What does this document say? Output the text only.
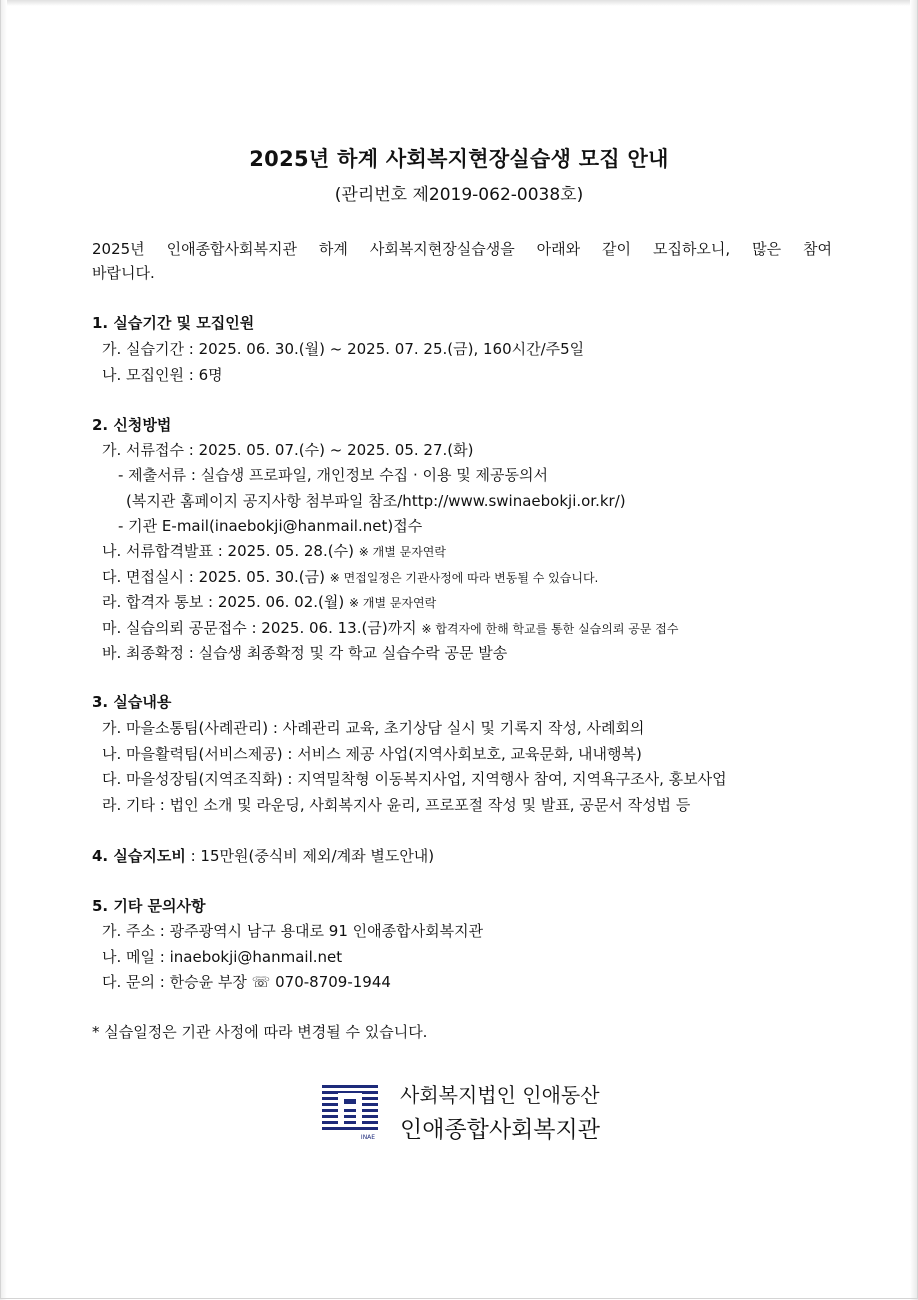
2025년 하계 사회복지현장실습생 모집 안내
(관리번호 제2019-062-0038호)
2025년 인애종합사회복지관 하계 사회복지현장실습생을 아래와 같이 모집하오니, 많은 참여
바랍니다.
1. 실습기간 및 모집인원
가. 실습기간 : 2025. 06. 30.(월) ~ 2025. 07. 25.(금), 160시간/주5일
나. 모집인원 : 6명
2. 신청방법
가. 서류접수 : 2025. 05. 07.(수) ~ 2025. 05. 27.(화)
- 제출서류 : 실습생 프로파일, 개인정보 수집 · 이용 및 제공동의서
(복지관 홈페이지 공지사항 첨부파일 참조/http://www.swinaebokji.or.kr/)
- 기관 E-mail(inaebokji@hanmail.net)접수
나. 서류합격발표 : 2025. 05. 28.(수) ※ 개별 문자연락
다. 면접실시 : 2025. 05. 30.(금) ※ 면접일정은 기관사정에 따라 변동될 수 있습니다.
라. 합격자 통보 : 2025. 06. 02.(월) ※ 개별 문자연락
마. 실습의뢰 공문접수 : 2025. 06. 13.(금)까지 ※ 합격자에 한해 학교를 통한 실습의뢰 공문 접수
바. 최종확정 : 실습생 최종확정 및 각 학교 실습수락 공문 발송
3. 실습내용
가. 마을소통팀(사례관리) : 사례관리 교육, 초기상담 실시 및 기록지 작성, 사례회의
나. 마을활력팀(서비스제공) : 서비스 제공 사업(지역사회보호, 교육문화, 내내행복)
다. 마을성장팀(지역조직화) : 지역밀착형 이동복지사업, 지역행사 참여, 지역욕구조사, 홍보사업
라. 기타 : 법인 소개 및 라운딩, 사회복지사 윤리, 프로포절 작성 및 발표, 공문서 작성법 등
4. 실습지도비 : 15만원(중식비 제외/계좌 별도안내)
5. 기타 문의사항
가. 주소 : 광주광역시 남구 용대로 91 인애종합사회복지관
나. 메일 : inaebokji@hanmail.net
다. 문의 : 한승윤 부장 ☏ 070-8709-1944
* 실습일정은 기관 사정에 따라 변경될 수 있습니다.
INAE
사회복지법인 인애동산
인애종합사회복지관
